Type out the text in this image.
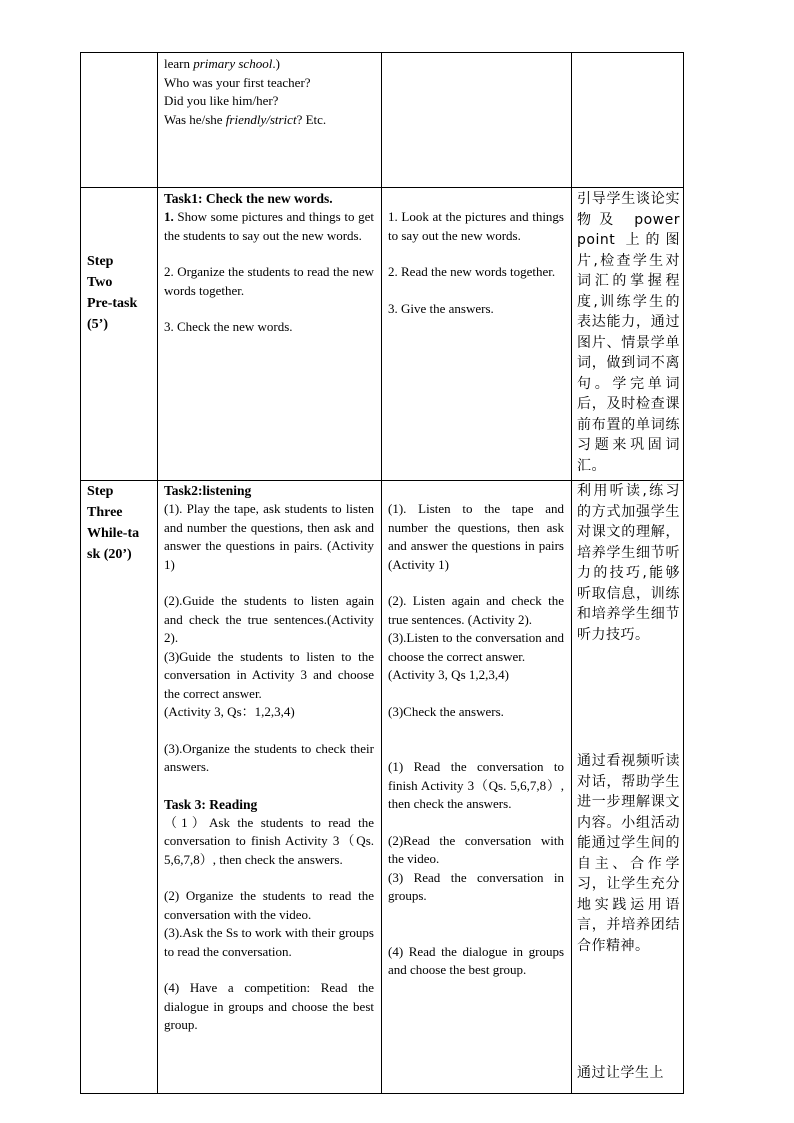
learn primary school.)

Who was your first teacher?

Did you like him/her?

Was he/she friendly/strict? Etc.

Step
Two
Pre-task
(5’)

Task1: Check the new words.

1. Show some pictures and things to get the students to say out the new words.

2. Organize the students to read the new words together.

3. Check the new words.

1. Look at the pictures and things to say out the new words.

2. Read the new words together.

3. Give the answers.

引导学生谈论实物及 power point 上的图片,检查学生对词汇的掌握程度,训练学生的表达能力，通过图片、情景学单词，做到词不离句。学完单词后，及时检查课前布置的单词练习题来巩固词汇。
Step
Three
While-ta
sk (20’)

Task2:listening

(1). Play the tape, ask students to listen and number the questions, then ask and answer the questions in pairs. (Activity 1)

(2).Guide the students to listen again and check the true sentences.(Activity 2).

(3)Guide the students to listen to the conversation in Activity 3 and choose the correct answer.

(Activity 3, Qs：1,2,3,4)

(3).Organize the students to check their answers.

Task 3: Reading

（1）Ask the students to read the conversation to finish Activity 3（Qs. 5,6,7,8）, then check the answers.

(2) Organize the students to read the conversation with the video.

(3).Ask the Ss to work with their groups to read the conversation.

(4) Have a competition: Read the dialogue in groups and choose the best group.

(1). Listen to the tape and number the questions, then ask and answer the questions in pairs (Activity 1)

(2). Listen again and check the true sentences. (Activity 2).

(3).Listen to the conversation and choose the correct answer.

(Activity 3, Qs 1,2,3,4)

(3)Check the answers.

(1) Read the conversation to finish Activity 3（Qs. 5,6,7,8）, then check the answers.

(2)Read the conversation with the video.

(3) Read the conversation in groups.

(4) Read the dialogue in groups and choose the best group.

利用听读,练习的方式加强学生对课文的理解，培养学生细节听力的技巧,能够听取信息，训练和培养学生细节听力技巧。
通过看视频听读对话，帮助学生进一步理解课文内容。小组活动能通过学生间的自主、合作学习，让学生充分地实践运用语言，并培养团结合作精神。
通过让学生上
